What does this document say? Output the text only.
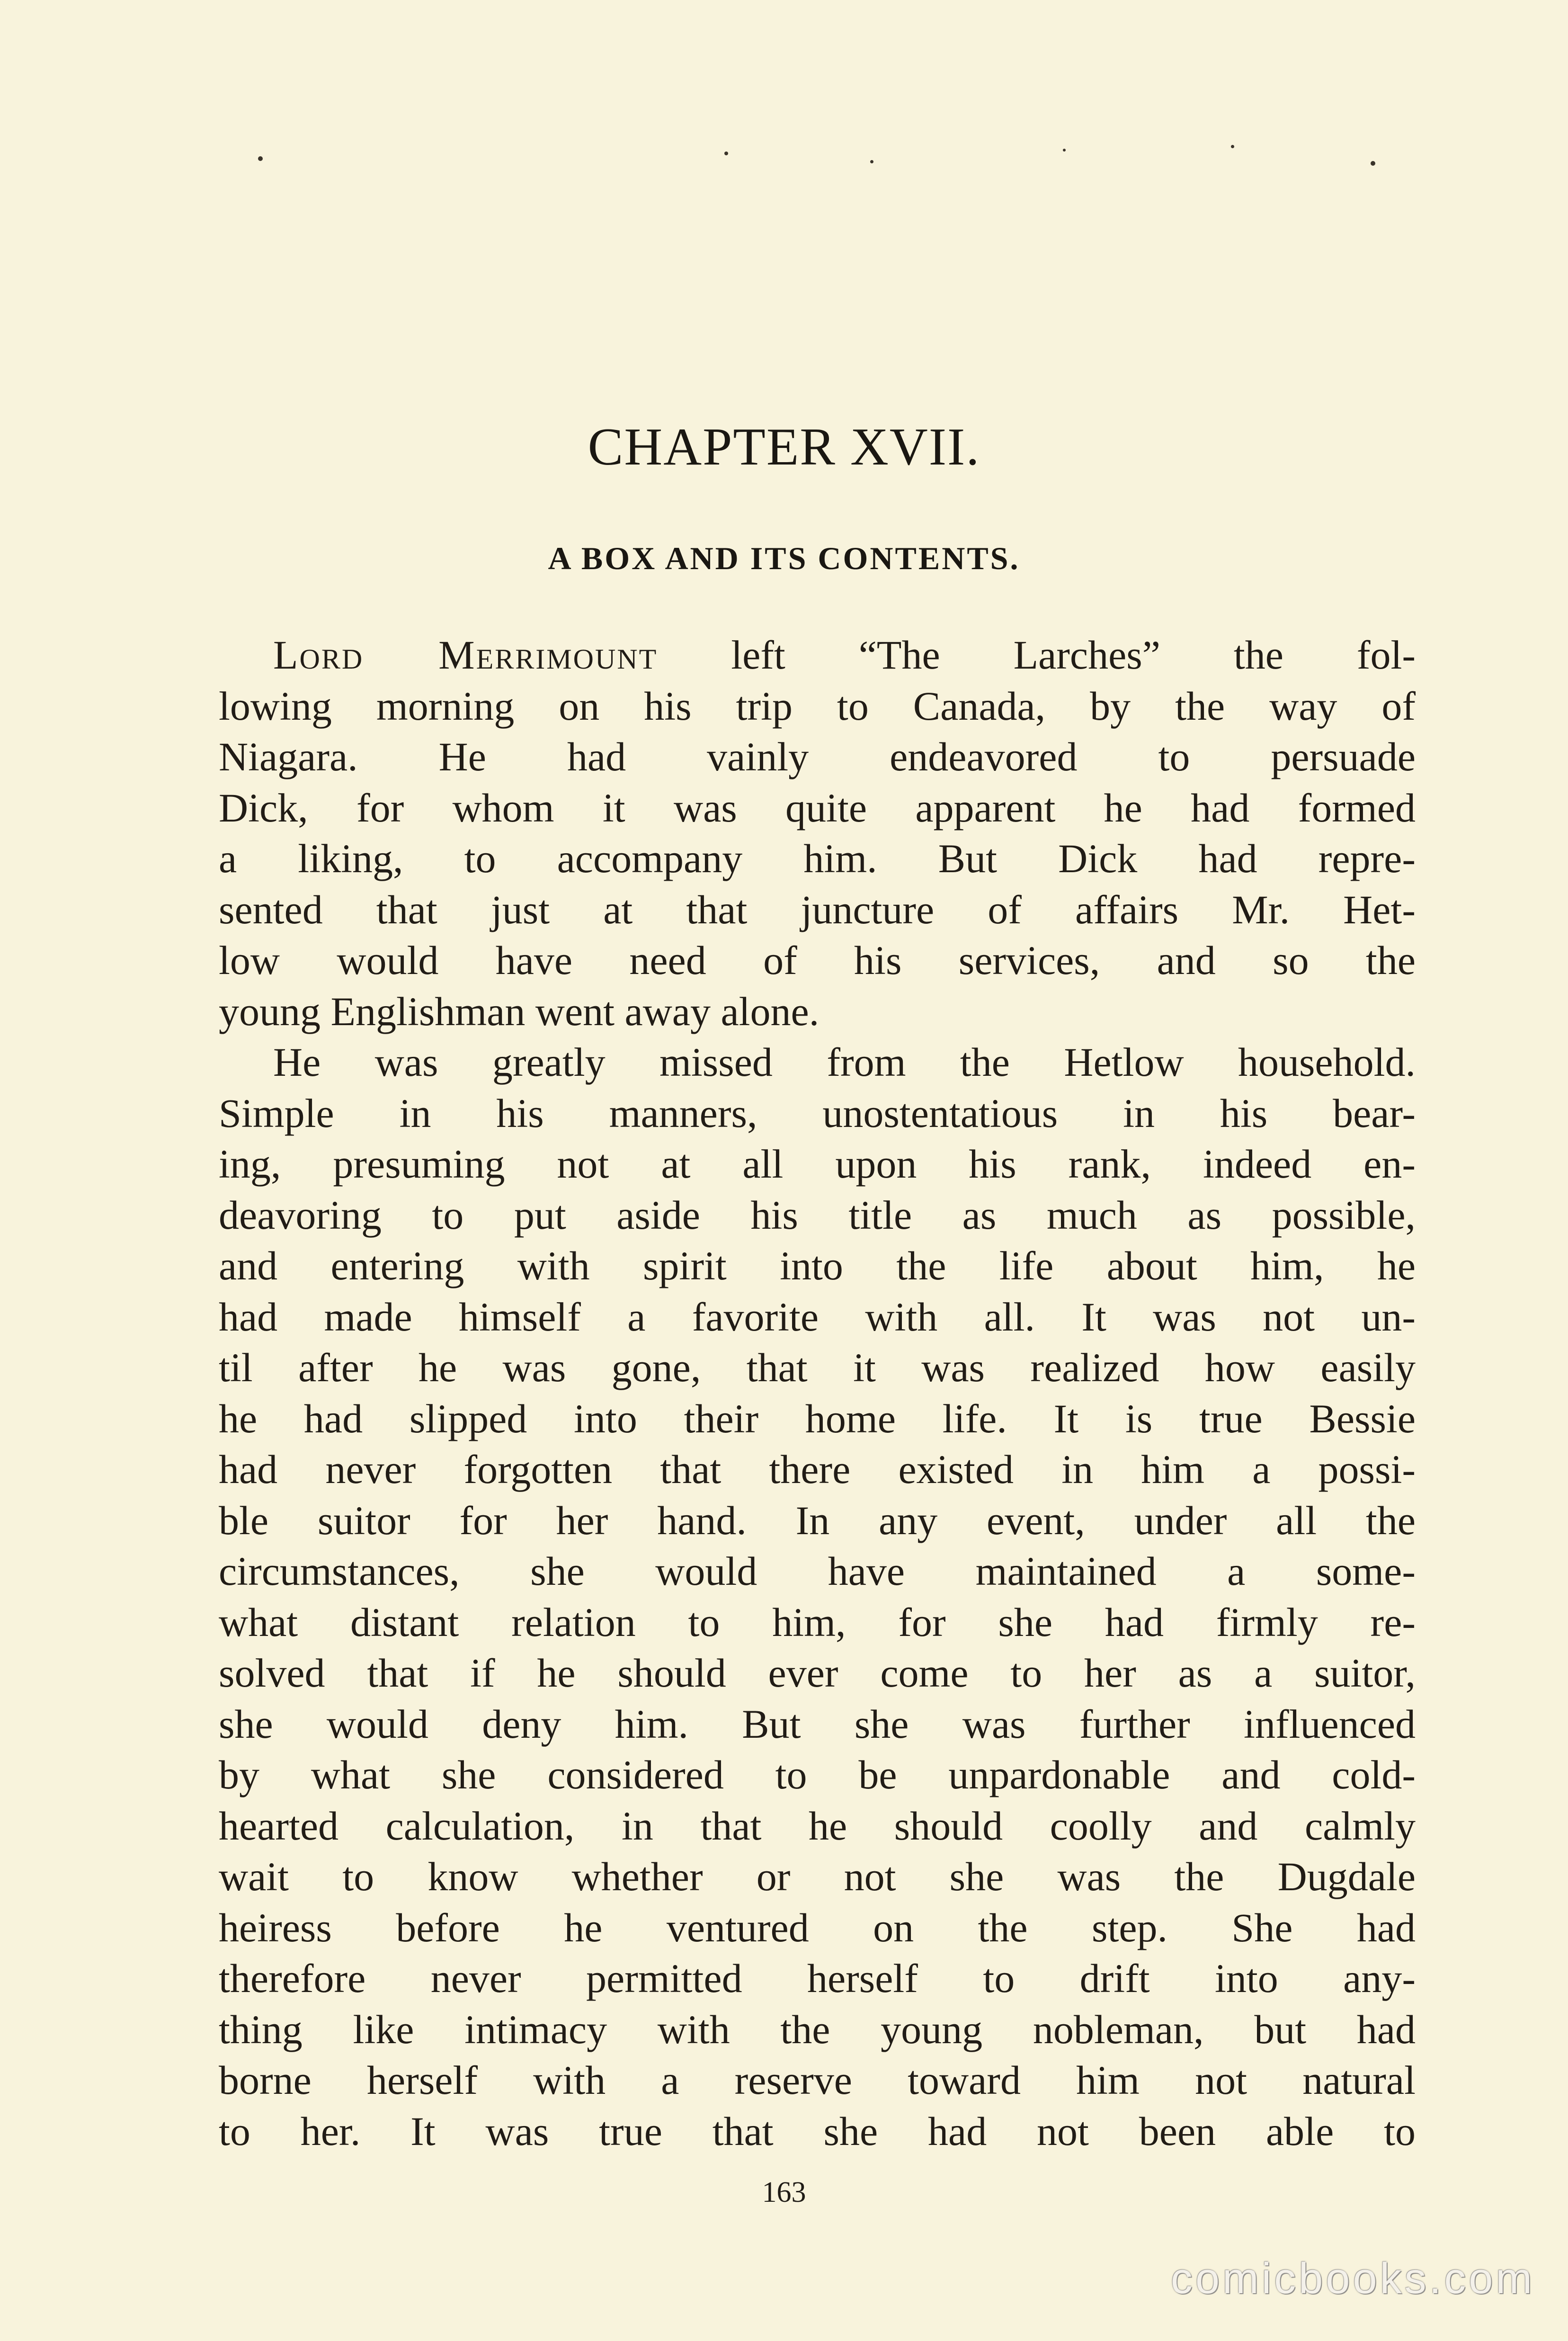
CHAPTER XVII.
A BOX AND ITS CONTENTS.
Lord Merrimount left “The Larches” the fol-
lowing morning on his trip to Canada, by the way of
Niagara. He had vainly endeavored to persuade
Dick, for whom it was quite apparent he had formed
a liking, to accompany him. But Dick had repre-
sented that just at that juncture of affairs Mr. Het-
low would have need of his services, and so the
young Englishman went away alone.
He was greatly missed from the Hetlow household.
Simple in his manners, unostentatious in his bear-
ing, presuming not at all upon his rank, indeed en-
deavoring to put aside his title as much as possible,
and entering with spirit into the life about him, he
had made himself a favorite with all. It was not un-
til after he was gone, that it was realized how easily
he had slipped into their home life. It is true Bessie
had never forgotten that there existed in him a possi-
ble suitor for her hand. In any event, under all the
circumstances, she would have maintained a some-
what distant relation to him, for she had firmly re-
solved that if he should ever come to her as a suitor,
she would deny him. But she was further influenced
by what she considered to be unpardonable and cold-
hearted calculation, in that he should coolly and calmly
wait to know whether or not she was the Dugdale
heiress before he ventured on the step. She had
therefore never permitted herself to drift into any-
thing like intimacy with the young nobleman, but had
borne herself with a reserve toward him not natural
to her. It was true that she had not been able to
163
comicbooks.com
